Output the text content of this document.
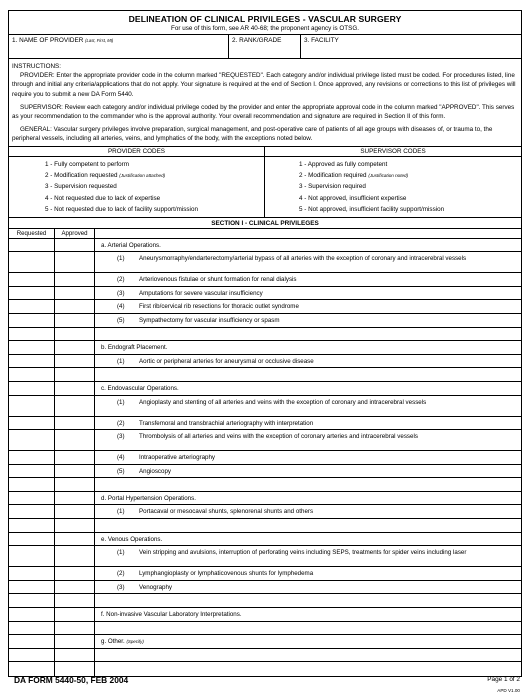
DELINEATION OF CLINICAL PRIVILEGES - VASCULAR SURGERY
For use of this form, see AR 40-68; the proponent agency is OTSG.
1. NAME OF PROVIDER (Last, First, MI)	2. RANK/GRADE	3. FACILITY

INSTRUCTIONS:

PROVIDER: Enter the appropriate provider code in the column marked "REQUESTED". Each category and/or individual privilege listed must be coded. For procedures listed, line through and initial any criteria/applications that do not apply. Your signature is required at the end of Section I. Once approved, any revisions or corrections to this list of privileges will require you to submit a new DA Form 5440.

SUPERVISOR: Review each category and/or individual privilege coded by the provider and enter the appropriate approval code in the column marked "APPROVED". This serves as your recommendation to the commander who is the approval authority. Your overall recommendation and signature are required in Section II of this form.

GENERAL: Vascular surgery privileges involve preparation, surgical management, and post-operative care of patients of all age groups with diseases of, or trauma to, the peripheral vessels, including all arteries, veins, and lymphatics of the body, with the exceptions noted below.

PROVIDER CODES
1 - Fully competent to perform
2 - Modification requested (Justification attached)
3 - Supervision requested
4 - Not requested due to lack of expertise
5 - Not requested due to lack of facility support/mission
SUPERVISOR CODES
1 - Approved as fully competent
2 - Modification required (Justification noted)
3 - Supervision required
4 - Not approved, insufficient expertise
5 - Not approved, insufficient facility support/mission
SECTION I - CLINICAL PRIVILEGES
Requested	Approved
a. Arterial Operations.
(1) Aneurysmorraphy/endarterectomy/arterial bypass of all arteries with the exception of coronary and intracerebral vessels
(2) Arteriovenous fistulae or shunt formation for renal dialysis
(3) Amputations for severe vascular insufficiency
(4) First rib/cervical rib resections for thoracic outlet syndrome
(5) Sympathectomy for vascular insufficiency or spasm
b. Endograft Placement.
(1) Aortic or peripheral arteries for aneurysmal or occlusive disease
c. Endovascular Operations.
(1) Angioplasty and stenting of all arteries and veins with the exception of coronary and intracerebral vessels
(2) Transfemoral and transbrachial arteriography with interpretation
(3) Thrombolysis of all arteries and veins with the exception of coronary arteries and intracerebral vessels
(4) Intraoperative arteriography
(5) Angioscopy
d. Portal Hypertension Operations.
(1) Portacaval or mesocaval shunts, splenorenal shunts and others
e. Venous Operations.
(1) Vein stripping and avulsions, interruption of perforating veins including SEPS, treatments for spider veins including laser
(2) Lymphangioplasty or lymphaticovenous shunts for lymphedema
(3) Venography
f. Non-invasive Vascular Laboratory Interpretations.
g. Other. (Specify)
DA FORM 5440-50, FEB 2004	Page 1 of 2
APD V1.00
